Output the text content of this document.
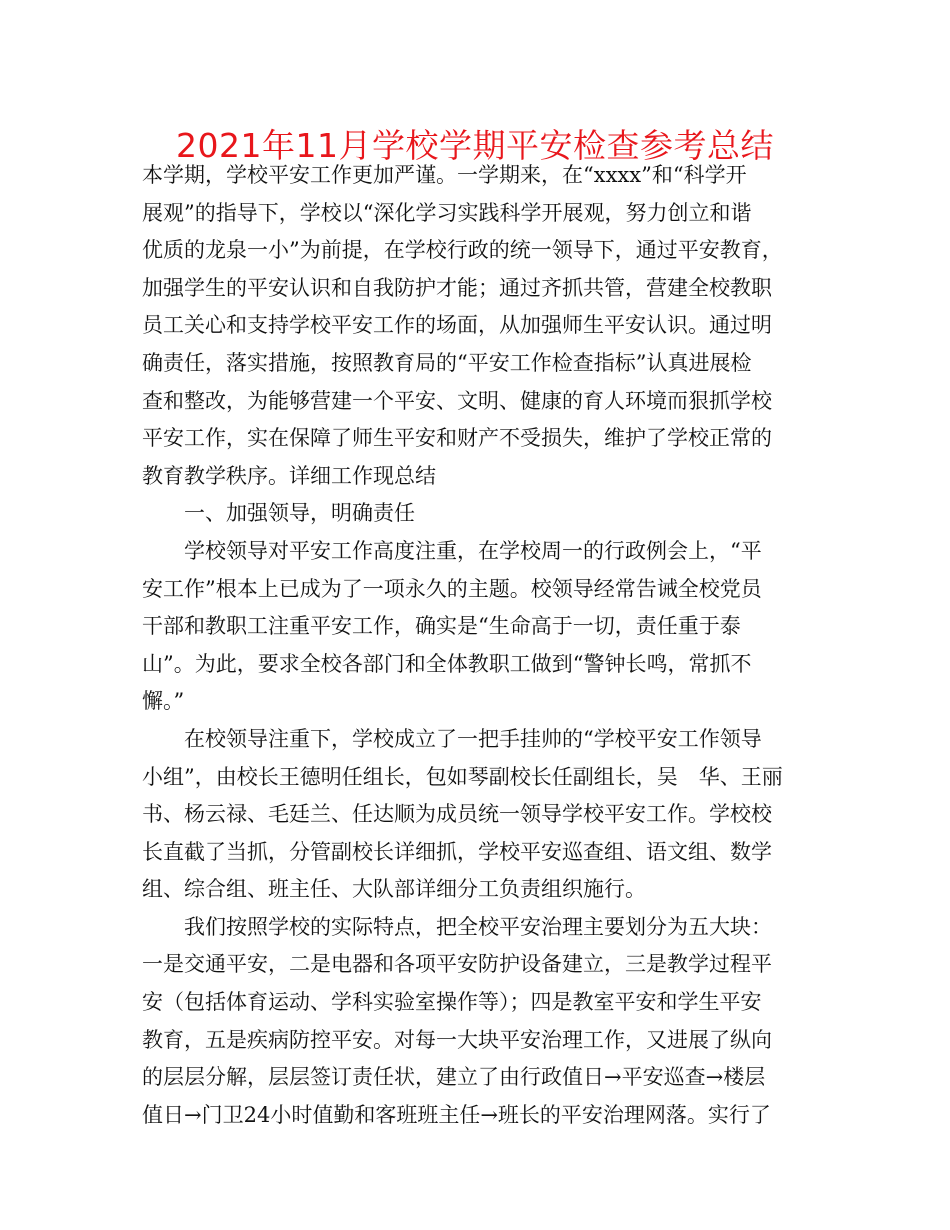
2021年11月学校学期平安检查参考总结
本学期，学校平安工作更加严谨。一学期来，在“xxxx”和“科学开
展观”的指导下，学校以“深化学习实践科学开展观，努力创立和谐
优质的龙泉一小”为前提，在学校行政的统一领导下，通过平安教育，
加强学生的平安认识和自我防护才能；通过齐抓共管，营建全校教职
员工关心和支持学校平安工作的场面，从加强师生平安认识。通过明
确责任，落实措施，按照教育局的“平安工作检查指标”认真进展检
查和整改，为能够营建一个平安、文明、健康的育人环境而狠抓学校
平安工作，实在保障了师生平安和财产不受损失，维护了学校正常的
教育教学秩序。详细工作现总结
一、加强领导，明确责任
学校领导对平安工作高度注重，在学校周一的行政例会上，“平
安工作”根本上已成为了一项永久的主题。校领导经常告诫全校党员
干部和教职工注重平安工作，确实是“生命高于一切，责任重于泰
山”。为此，要求全校各部门和全体教职工做到“警钟长鸣，常抓不
懈。”
在校领导注重下，学校成立了一把手挂帅的“学校平安工作领导
小组”，由校长王德明任组长，包如琴副校长任副组长，吴　华、王丽
书、杨云禄、毛廷兰、任达顺为成员统一领导学校平安工作。学校校
长直截了当抓，分管副校长详细抓，学校平安巡查组、语文组、数学
组、综合组、班主任、大队部详细分工负责组织施行。
我们按照学校的实际特点，把全校平安治理主要划分为五大块：
一是交通平安，二是电器和各项平安防护设备建立，三是教学过程平
安（包括体育运动、学科实验室操作等）；四是教室平安和学生平安
教育，五是疾病防控平安。对每一大块平安治理工作，又进展了纵向
的层层分解，层层签订责任状，建立了由行政值日→平安巡查→楼层
值日→门卫24小时值勤和客班班主任→班长的平安治理网落。实行了
